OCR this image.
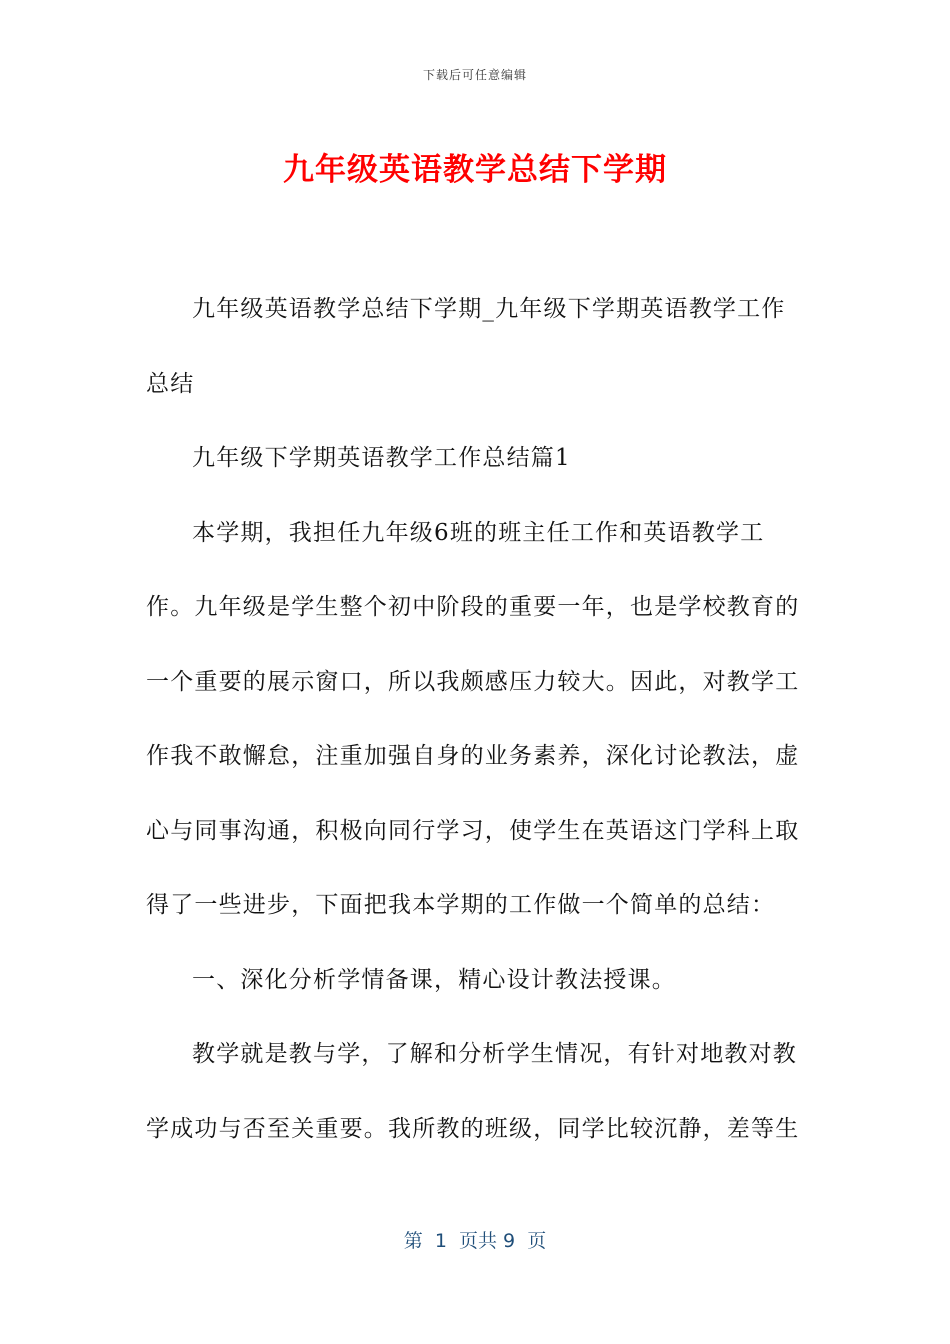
下载后可任意编辑
九年级英语教学总结下学期

九年级英语教学总结下学期_九年级下学期英语教学工作总结

九年级下学期英语教学工作总结篇1

本学期，我担任九年级6班的班主任工作和英语教学工作。九年级是学生整个初中阶段的重要一年，也是学校教育的一个重要的展示窗口，所以我颇感压力较大。因此，对教学工作我不敢懈怠，注重加强自身的业务素养，深化讨论教法，虚心与同事沟通，积极向同行学习，使学生在英语这门学科上取得了一些进步，下面把我本学期的工作做一个简单的总结：

一、深化分析学情备课，精心设计教法授课。

教学就是教与学，了解和分析学生情况，有针对地教对教学成功与否至关重要。我所教的班级，同学比较沉静，差等生

第  1  页共 9  页
